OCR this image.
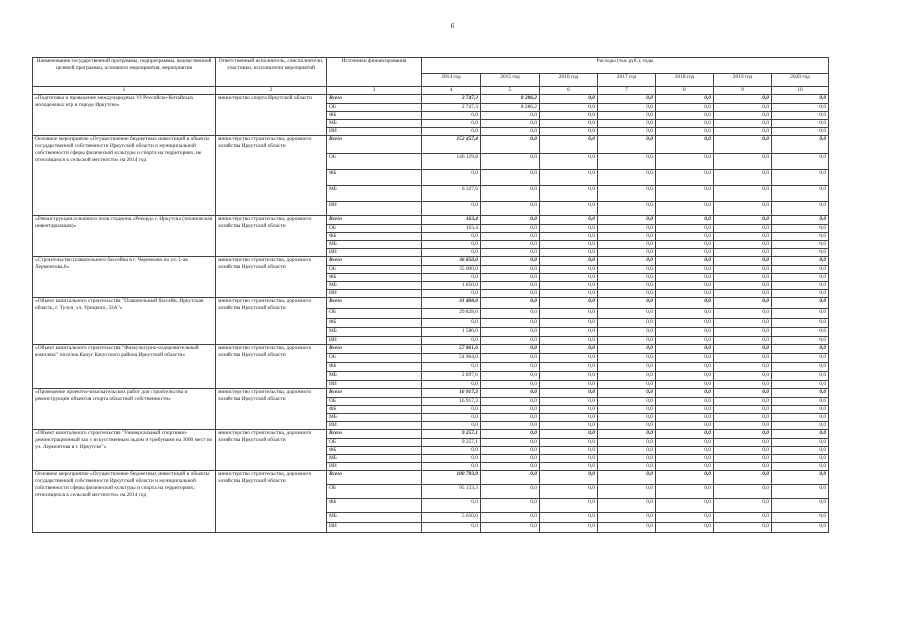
6
Наименование государственной программы, подпрограммы, ведомственной целевой программы, основного мероприятия, мероприятия	Ответственный исполнитель, соисполнители, участники, исполнители мероприятий	Источники финансирования	Расходы (тыс.руб.), годы						
			2014 год	2015 год	2016 год	2017 год	2018 год	2019 год	2020 год
1	2	3	4	5	6	7	8	9	10
«Подготовка и проведение международных VI Российско-Китайских молодежных игр в городе Иркутске»	министерство спорта Иркутской области	Всего	2 747,3	8 286,2	0,0	0,0	0,0	0,0	0,0
		ОБ	2 747,3	8 286,2	0,0	0,0	0,0	0,0	0,0
		ФБ	0,0	0,0	0,0	0,0	0,0	0,0	0,0
		МБ	0,0	0,0	0,0	0,0	0,0	0,0	0,0
		ИИ	0,0	0,0	0,0	0,0	0,0	0,0	0,0
Основное мероприятие «Осуществление бюджетных инвестиций в объекты государственной собственности Иркутской области и муниципальной собственности сферы физической культуры и спорта на территориях, не относящихся к сельской местности» на 2014 год	министерство строительства, дорожного хозяйства Иркутской области	Всего	152 457,4	0,0	0,0	0,0	0,0	0,0	0,0
		ОБ	146 129,8	0,0	0,0	0,0	0,0	0,0	0,0
		ФБ	0,0	0,0	0,0	0,0	0,0	0,0	0,0
		МБ	6 327,6	0,0	0,0	0,0	0,0	0,0	0,0
		ИИ	0,0	0,0	0,0	0,0	0,0	0,0	0,0
«Реконструкция основного поля стадиона «Рекорд» г. Иркутска (техническая инвентаризация)»	министерство строительства, дорожного хозяйства Иркутской области	Всего	163,4	0,0	0,0	0,0	0,0	0,0	0,0
		ОБ	163,4	0,0	0,0	0,0	0,0	0,0	0,0
		ФБ	0,0	0,0	0,0	0,0	0,0	0,0	0,0
		МБ	0,0	0,0	0,0	0,0	0,0	0,0	0,0
		ИИ	0,0	0,0	0,0	0,0	0,0	0,0	0,0
«Строительство плавательного бассейна в г. Черемхово по ул. 1-ая Лермонтова,6»	министерство строительства, дорожного хозяйства Иркутской области	Всего	36 850,0	0,0	0,0	0,0	0,0	0,0	0,0
		ОБ	35 000,0	0,0	0,0	0,0	0,0	0,0	0,0
		ФБ	0,0	0,0	0,0	0,0	0,0	0,0	0,0
		МБ	1 850,0	0,0	0,0	0,0	0,0	0,0	0,0
		ИИ	0,0	0,0	0,0	0,0	0,0	0,0	0,0
«Объект капитального строительства "Плавательный бассейн, Иркутская область, г. Тулун, ул. Урицкого, 33А"»	министерство строительства, дорожного хозяйства Иркутской области	Всего	31 408,0	0,0	0,0	0,0	0,0	0,0	0,0
		ОБ	29 828,0	0,0	0,0	0,0	0,0	0,0	0,0
		ФБ	0,0	0,0	0,0	0,0	0,0	0,0	0,0
		МБ	1 580,0	0,0	0,0	0,0	0,0	0,0	0,0
		ИИ	0,0	0,0	0,0	0,0	0,0	0,0	0,0
«Объект капитального строительства "Физкультурно-оздоровительный комплекс" поселок Качуг Качугского района Иркутской области»	министерство строительства, дорожного хозяйства Иркутской области	Всего	57 861,6	0,0	0,0	0,0	0,0	0,0	0,0
		ОБ	54 964,0	0,0	0,0	0,0	0,0	0,0	0,0
		ФБ	0,0	0,0	0,0	0,0	0,0	0,0	0,0
		МБ	2 897,6	0,0	0,0	0,0	0,0	0,0	0,0
		ИИ	0,0	0,0	0,0	0,0	0,0	0,0	0,0
«Проведение проектно-изыскательских работ для строительства и реконструкции объектов спорта областной собственности»	министерство строительства, дорожного хозяйства Иркутской области	Всего	16 917,3	0,0	0,0	0,0	0,0	0,0	0,0
		ОБ	16 917,3	0,0	0,0	0,0	0,0	0,0	0,0
		ФБ	0,0	0,0	0,0	0,0	0,0	0,0	0,0
		МБ	0,0	0,0	0,0	0,0	0,0	0,0	0,0
		ИИ	0,0	0,0	0,0	0,0	0,0	0,0	0,0
«Объект капитального строительства "Универсальный спортивно-демонстрационный зал с искусственным льдом и трибунами на 3000 мест по ул. Лермонтова в г. Иркутске"»	министерство строительства, дорожного хозяйства Иркутской области	Всего	9 257,1	0,0	0,0	0,0	0,0	0,0	0,0
		ОБ	9 257,1	0,0	0,0	0,0	0,0	0,0	0,0
		ФБ	0,0	0,0	0,0	0,0	0,0	0,0	0,0
		МБ	0,0	0,0	0,0	0,0	0,0	0,0	0,0
		ИИ	0,0	0,0	0,0	0,0	0,0	0,0	0,0
Основное мероприятие «Осуществление бюджетных инвестиций в объекты государственной собственности Иркутской области и муниципальной собственности сферы физической культуры и спорта на территориях, относящихся к сельской местности» на 2014 год	министерство строительства, дорожного хозяйства Иркутской области	Всего	100 783,9	0,0	0,0	0,0	0,0	0,0	0,0
		ОБ	95 133,3	0,0	0,0	0,0	0,0	0,0	0,0
		ФБ	0,0	0,0	0,0	0,0	0,0	0,0	0,0
		МБ	5 650,6	0,0	0,0	0,0	0,0	0,0	0,0
		ИИ	0,0	0,0	0,0	0,0	0,0	0,0	0,0
